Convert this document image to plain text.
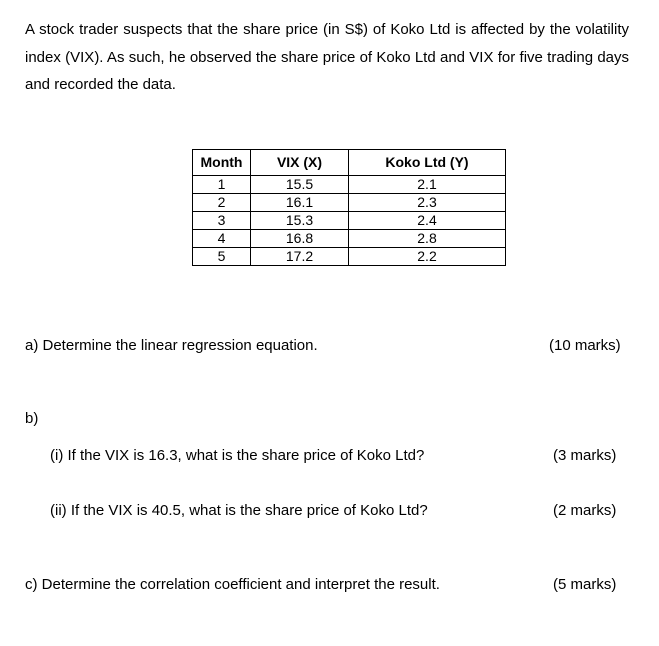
A stock trader suspects that the share price (in S$) of Koko Ltd is affected by the volatility index (VIX). As such, he observed the share price of Koko Ltd and VIX for five trading days and recorded the data.

Month	VIX (X)	Koko Ltd (Y)
1	15.5	2.1
2	16.1	2.3
3	15.3	2.4
4	16.8	2.8
5	17.2	2.2

a) Determine the linear regression equation.	(10 marks)

b)

(i) If the VIX is 16.3, what is the share price of Koko Ltd?	(3 marks)

(ii) If the VIX is 40.5, what is the share price of Koko Ltd?	(2 marks)

c) Determine the correlation coefficient and interpret the result.	(5 marks)
